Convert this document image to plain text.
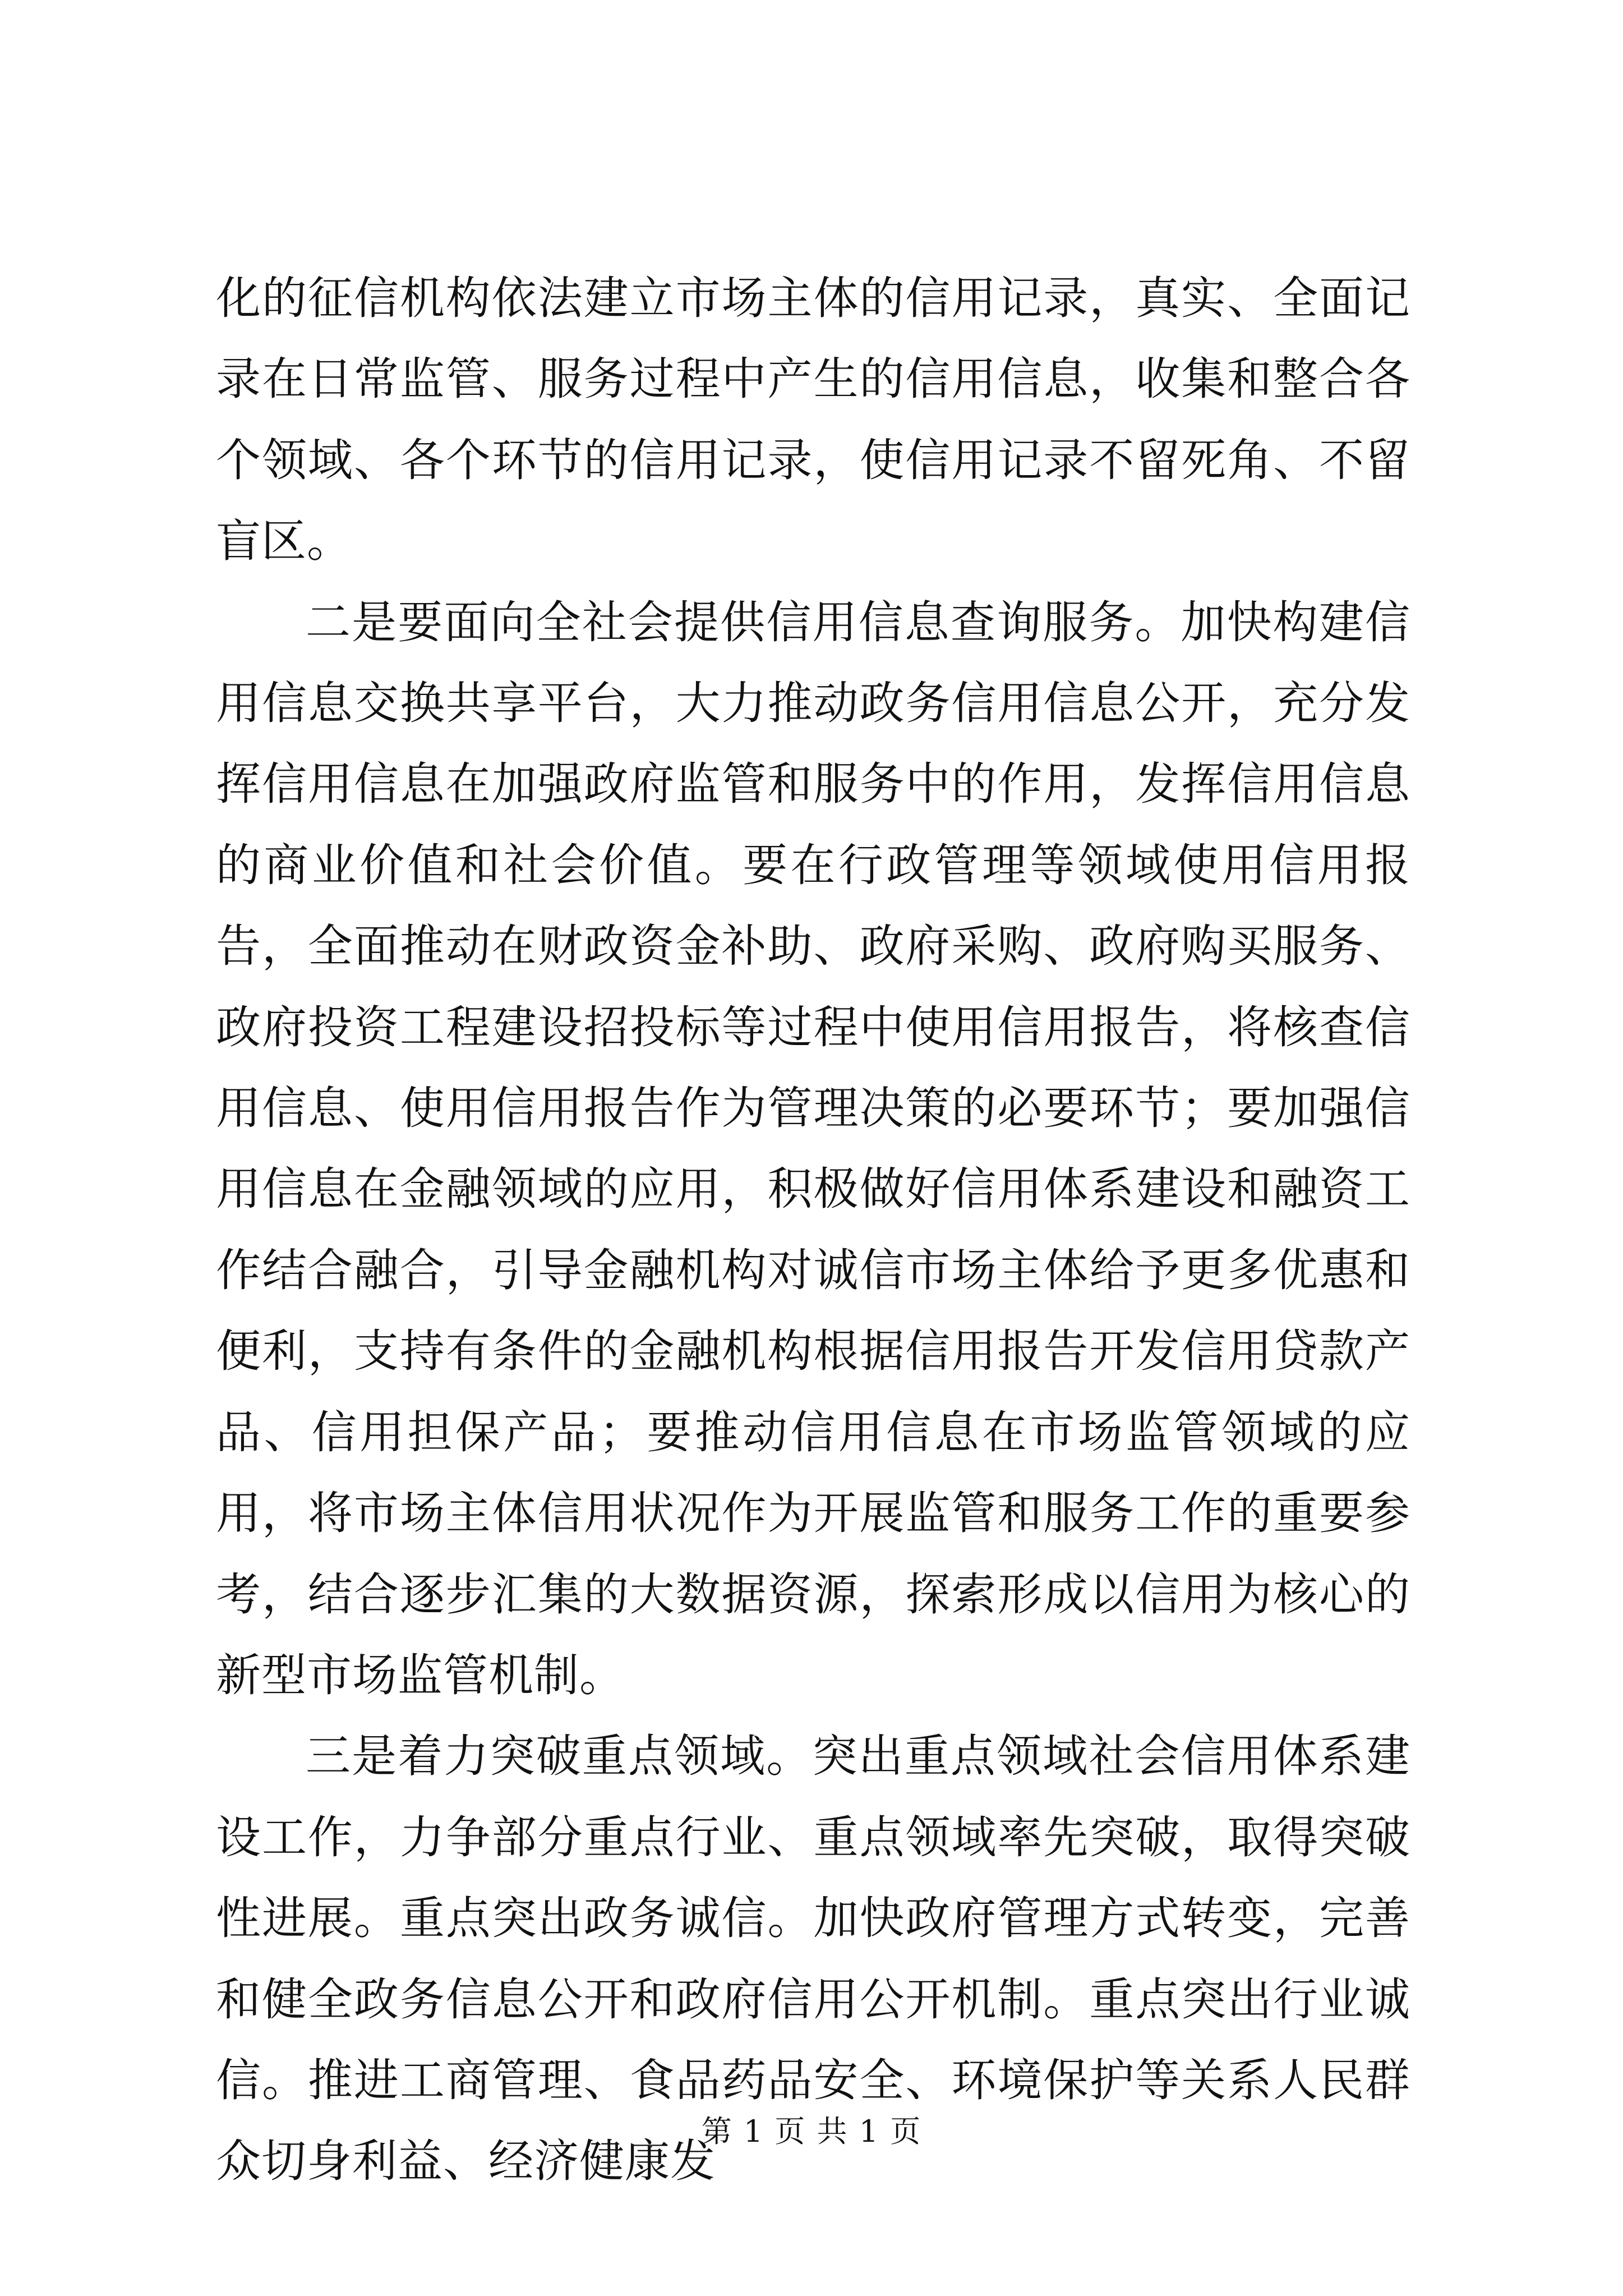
化的征信机构依法建立市场主体的信用记录，真实、全面记录在日常监管、服务过程中产生的信用信息，收集和整合各个领域、各个环节的信用记录，使信用记录不留死角、不留盲区。

二是要面向全社会提供信用信息查询服务。加快构建信用信息交换共享平台，大力推动政务信用信息公开，充分发挥信用信息在加强政府监管和服务中的作用，发挥信用信息的商业价值和社会价值。要在行政管理等领域使用信用报告，全面推动在财政资金补助、政府采购、政府购买服务、政府投资工程建设招投标等过程中使用信用报告，将核查信用信息、使用信用报告作为管理决策的必要环节；要加强信用信息在金融领域的应用，积极做好信用体系建设和融资工作结合融合，引导金融机构对诚信市场主体给予更多优惠和便利，支持有条件的金融机构根据信用报告开发信用贷款产品、信用担保产品；要推动信用信息在市场监管领域的应用，将市场主体信用状况作为开展监管和服务工作的重要参考，结合逐步汇集的大数据资源，探索形成以信用为核心的新型市场监管机制。

三是着力突破重点领域。突出重点领域社会信用体系建设工作，力争部分重点行业、重点领域率先突破，取得突破性进展。重点突出政务诚信。加快政府管理方式转变，完善和健全政务信息公开和政府信用公开机制。重点突出行业诚信。推进工商管理、食品药品安全、环境保护等关系人民群众切身利益、经济健康发

第 1 页 共 1 页
